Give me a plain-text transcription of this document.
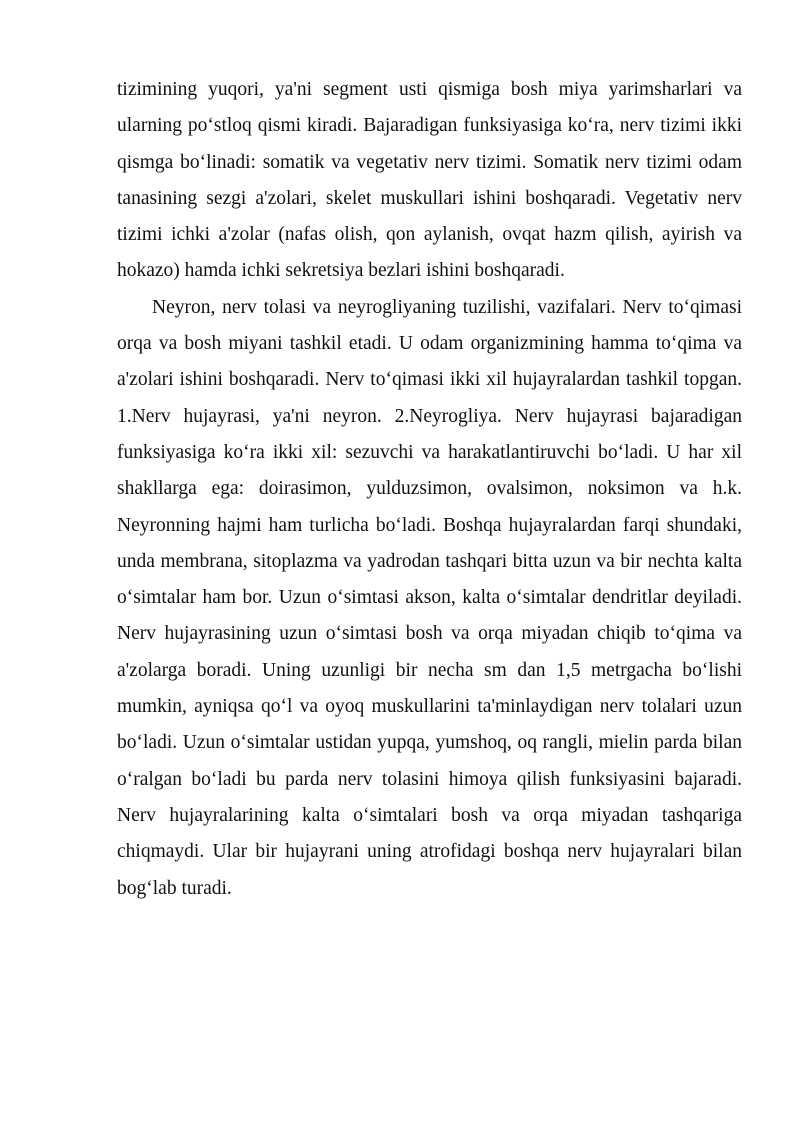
tizimining yuqori, ya'ni segment usti qismiga bosh miya yarimsharlari va ularning po‘stloq qismi kiradi. Bajaradigan funksiyasiga ko‘ra, nerv tizimi ikki qismga bo‘linadi: somatik va vegetativ nerv tizimi. Somatik nerv tizimi odam tanasining sezgi a'zolari, skelet muskullari ishini boshqaradi. Vegetativ nerv tizimi ichki a'zolar (nafas olish, qon aylanish, ovqat hazm qilish, ayirish va hokazo) hamda ichki sekretsiya bezlari ishini boshqaradi.

Neyron, nerv tolasi va neyrogliyaning tuzilishi, vazifalari. Nerv to‘qimasi orqa va bosh miyani tashkil etadi. U odam organizmining hamma to‘qima va a'zolari ishini boshqaradi. Nerv to‘qimasi ikki xil hujayralardan tashkil topgan. 1.Nerv hujayrasi, ya'ni neyron. 2.Neyrogliya. Nerv hujayrasi bajaradigan funksiyasiga ko‘ra ikki xil: sezuvchi va harakatlantiruvchi bo‘ladi. U har xil shakllarga ega: doirasimon, yulduzsimon, ovalsimon, noksimon va h.k. Neyronning hajmi ham turlicha bo‘ladi. Boshqa hujayralardan farqi shundaki, unda membrana, sitoplazma va yadrodan tashqari bitta uzun va bir nechta kalta o‘simtalar ham bor. Uzun o‘simtasi akson, kalta o‘simtalar dendritlar deyiladi. Nerv hujayrasining uzun o‘simtasi bosh va orqa miyadan chiqib to‘qima va a'zolarga boradi. Uning uzunligi bir necha sm dan 1,5 metrgacha bo‘lishi mumkin, ayniqsa qo‘l va oyoq muskullarini ta'minlaydigan nerv tolalari uzun bo‘ladi. Uzun o‘simtalar ustidan yupqa, yumshoq, oq rangli, mielin parda bilan o‘ralgan bo‘ladi bu parda nerv tolasini himoya qilish funksiyasini bajaradi. Nerv hujayralarining kalta o‘simtalari bosh va orqa miyadan tashqariga chiqmaydi. Ular bir hujayrani uning atrofidagi boshqa nerv hujayralari bilan bog‘lab turadi.
